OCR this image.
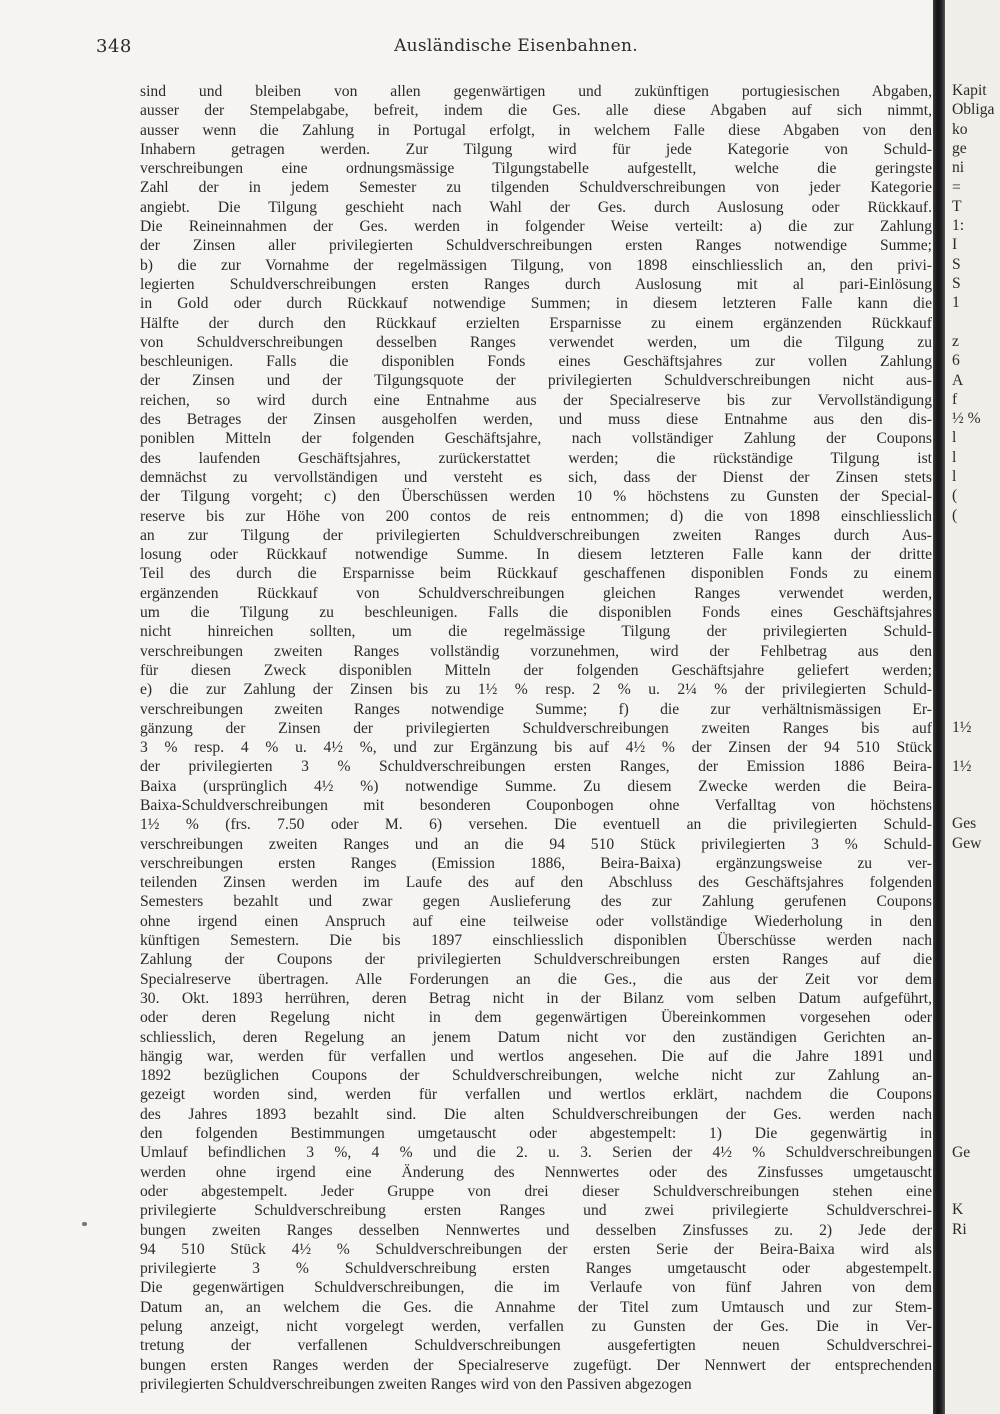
348	Ausländische Eisenbahnen.
sind und bleiben von allen gegenwärtigen und zukünftigen portugiesischen Abgaben,
ausser der Stempelabgabe, befreit, indem die Ges. alle diese Abgaben auf sich nimmt,
ausser wenn die Zahlung in Portugal erfolgt, in welchem Falle diese Abgaben von den
Inhabern getragen werden. Zur Tilgung wird für jede Kategorie von Schuld-
verschreibungen eine ordnungsmässige Tilgungstabelle aufgestellt, welche die geringste
Zahl der in jedem Semester zu tilgenden Schuldverschreibungen von jeder Kategorie
angiebt. Die Tilgung geschieht nach Wahl der Ges. durch Auslosung oder Rückkauf.
Die Reineinnahmen der Ges. werden in folgender Weise verteilt: a) die zur Zahlung
der Zinsen aller privilegierten Schuldverschreibungen ersten Ranges notwendige Summe;
b) die zur Vornahme der regelmässigen Tilgung, von 1898 einschliesslich an, den privi-
legierten Schuldverschreibungen ersten Ranges durch Auslosung mit al pari-Einlösung
in Gold oder durch Rückkauf notwendige Summen; in diesem letzteren Falle kann die
Hälfte der durch den Rückkauf erzielten Ersparnisse zu einem ergänzenden Rückkauf
von Schuldverschreibungen desselben Ranges verwendet werden, um die Tilgung zu
beschleunigen. Falls die disponiblen Fonds eines Geschäftsjahres zur vollen Zahlung
der Zinsen und der Tilgungsquote der privilegierten Schuldverschreibungen nicht aus-
reichen, so wird durch eine Entnahme aus der Specialreserve bis zur Vervollständigung
des Betrages der Zinsen ausgeholfen werden, und muss diese Entnahme aus den dis-
poniblen Mitteln der folgenden Geschäftsjahre, nach vollständiger Zahlung der Coupons
des laufenden Geschäftsjahres, zurückerstattet werden; die rückständige Tilgung ist
demnächst zu vervollständigen und versteht es sich, dass der Dienst der Zinsen stets
der Tilgung vorgeht; c) den Überschüssen werden 10 % höchstens zu Gunsten der Special-
reserve bis zur Höhe von 200 contos de reis entnommen; d) die von 1898 einschliesslich
an zur Tilgung der privilegierten Schuldverschreibungen zweiten Ranges durch Aus-
losung oder Rückkauf notwendige Summe. In diesem letzteren Falle kann der dritte
Teil des durch die Ersparnisse beim Rückkauf geschaffenen disponiblen Fonds zu einem
ergänzenden Rückkauf von Schuldverschreibungen gleichen Ranges verwendet werden,
um die Tilgung zu beschleunigen. Falls die disponiblen Fonds eines Geschäftsjahres
nicht hinreichen sollten, um die regelmässige Tilgung der privilegierten Schuld-
verschreibungen zweiten Ranges vollständig vorzunehmen, wird der Fehlbetrag aus den
für diesen Zweck disponiblen Mitteln der folgenden Geschäftsjahre geliefert werden;
e) die zur Zahlung der Zinsen bis zu 1½ % resp. 2 % u. 2¼ % der privilegierten Schuld-
verschreibungen zweiten Ranges notwendige Summe; f) die zur verhältnismässigen Er-
gänzung der Zinsen der privilegierten Schuldverschreibungen zweiten Ranges bis auf
3 % resp. 4 % u. 4½ %, und zur Ergänzung bis auf 4½ % der Zinsen der 94 510 Stück
der privilegierten 3 % Schuldverschreibungen ersten Ranges, der Emission 1886 Beira-
Baixa (ursprünglich 4½ %) notwendige Summe. Zu diesem Zwecke werden die Beira-
Baixa-Schuldverschreibungen mit besonderen Couponbogen ohne Verfalltag von höchstens
1½ % (frs. 7.50 oder M. 6) versehen. Die eventuell an die privilegierten Schuld-
verschreibungen zweiten Ranges und an die 94 510 Stück privilegierten 3 % Schuld-
verschreibungen ersten Ranges (Emission 1886, Beira-Baixa) ergänzungsweise zu ver-
teilenden Zinsen werden im Laufe des auf den Abschluss des Geschäftsjahres folgenden
Semesters bezahlt und zwar gegen Auslieferung des zur Zahlung gerufenen Coupons
ohne irgend einen Anspruch auf eine teilweise oder vollständige Wiederholung in den
künftigen Semestern. Die bis 1897 einschliesslich disponiblen Überschüsse werden nach
Zahlung der Coupons der privilegierten Schuldverschreibungen ersten Ranges auf die
Specialreserve übertragen. Alle Forderungen an die Ges., die aus der Zeit vor dem
30. Okt. 1893 herrühren, deren Betrag nicht in der Bilanz vom selben Datum aufgeführt,
oder deren Regelung nicht in dem gegenwärtigen Übereinkommen vorgesehen oder
schliesslich, deren Regelung an jenem Datum nicht vor den zuständigen Gerichten an-
hängig war, werden für verfallen und wertlos angesehen. Die auf die Jahre 1891 und
1892 bezüglichen Coupons der Schuldverschreibungen, welche nicht zur Zahlung an-
gezeigt worden sind, werden für verfallen und wertlos erklärt, nachdem die Coupons
des Jahres 1893 bezahlt sind. Die alten Schuldverschreibungen der Ges. werden nach
den folgenden Bestimmungen umgetauscht oder abgestempelt: 1) Die gegenwärtig in
Umlauf befindlichen 3 %, 4 % und die 2. u. 3. Serien der 4½ % Schuldverschreibungen
werden ohne irgend eine Änderung des Nennwertes oder des Zinsfusses umgetauscht
oder abgestempelt. Jeder Gruppe von drei dieser Schuldverschreibungen stehen eine
privilegierte Schuldverschreibung ersten Ranges und zwei privilegierte Schuldverschrei-
bungen zweiten Ranges desselben Nennwertes und desselben Zinsfusses zu. 2) Jede der
94 510 Stück 4½ % Schuldverschreibungen der ersten Serie der Beira-Baixa wird als
privilegierte 3 % Schuldverschreibung ersten Ranges umgetauscht oder abgestempelt.
Die gegenwärtigen Schuldverschreibungen, die im Verlaufe von fünf Jahren von dem
Datum an, an welchem die Ges. die Annahme der Titel zum Umtausch und zur Stem-
pelung anzeigt, nicht vorgelegt werden, verfallen zu Gunsten der Ges. Die in Ver-
tretung der verfallenen Schuldverschreibungen ausgefertigten neuen Schuldverschrei-
bungen ersten Ranges werden der Specialreserve zugefügt. Der Nennwert der entsprechenden
privilegierten Schuldverschreibungen zweiten Ranges wird von den Passiven abgezogen
Kapit
Obliga
ko
ge
ni
=
T
1:
I
S
S
1
z
6
A
f
½ %
l
l
l
(
(
1½
1½
Ges
Gew
Ge
K
Ri
